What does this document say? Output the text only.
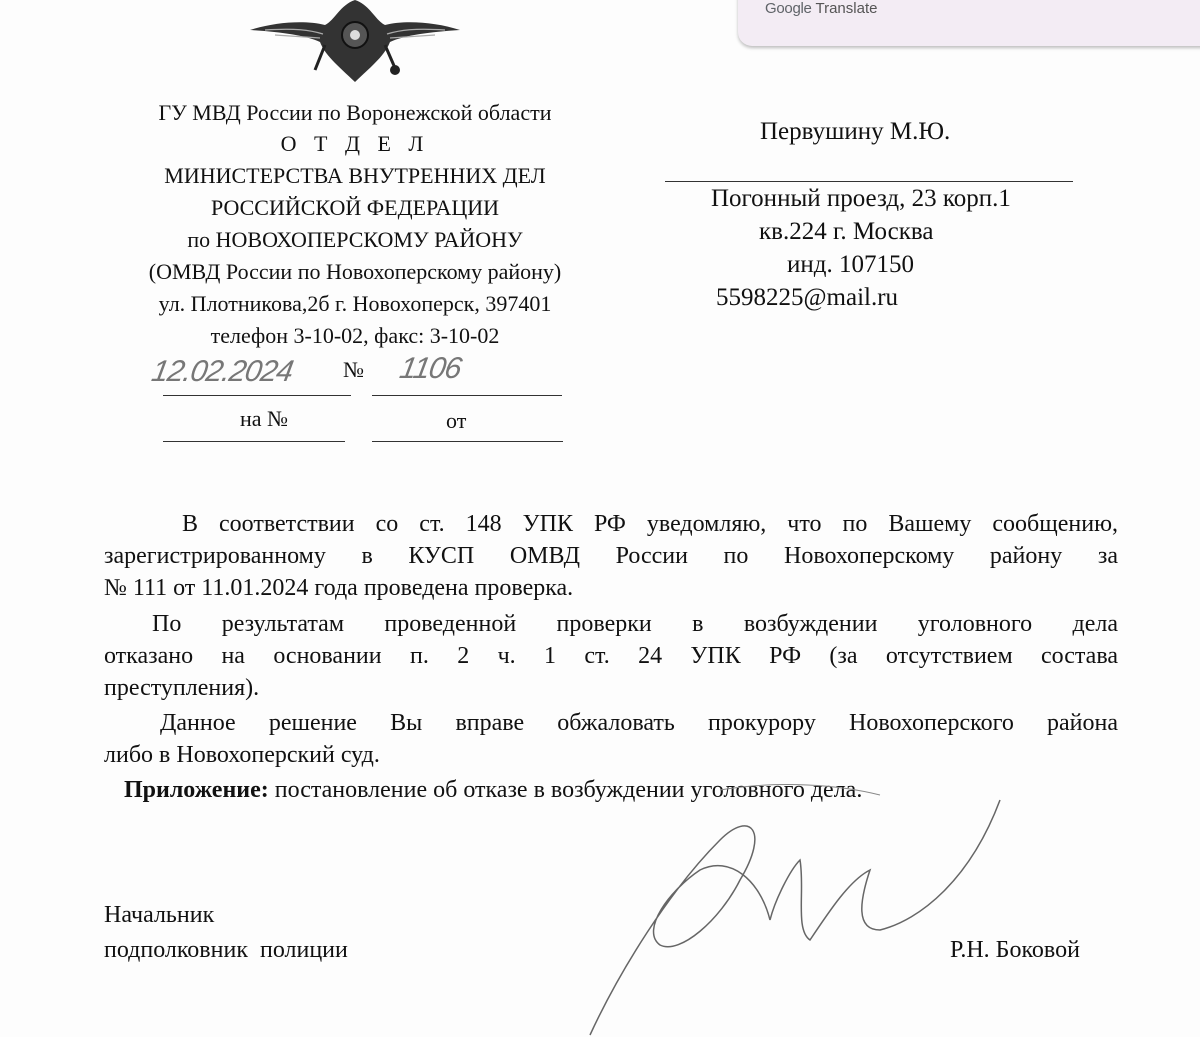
Google Translate
ГУ МВД России по Воронежской области
О Т Д Е Л
МИНИСТЕРСТВА ВНУТРЕННИХ ДЕЛ
РОССИЙСКОЙ ФЕДЕРАЦИИ
по НОВОХОПЕРСКОМУ РАЙОНУ
(ОМВД России по Новохоперскому району)
ул. Плотникова,2б г. Новохоперск, 397401
телефон 3-10-02, факс: 3-10-02
12.02.2024 № 1106
на №	от
Первушину М.Ю.
Погонный проезд, 23 корп.1
кв.224 г. Москва
инд. 107150
5598225@mail.ru
В соответствии со ст. 148 УПК РФ уведомляю, что по Вашему сообщению,
зарегистрированному в КУСП ОМВД России по Новохоперскому району за
№ 111 от 11.01.2024 года проведена проверка.
По результатам проведенной проверки в возбуждении уголовного дела
отказано на основании п. 2 ч. 1 ст. 24 УПК РФ (за отсутствием состава
преступления).
Данное решение Вы вправе обжаловать прокурору Новохоперского района
либо в Новохоперский суд.
Приложение: постановление об отказе в возбуждении уголовного дела.
Начальник
подполковник  полиции	Р.Н. Боковой
